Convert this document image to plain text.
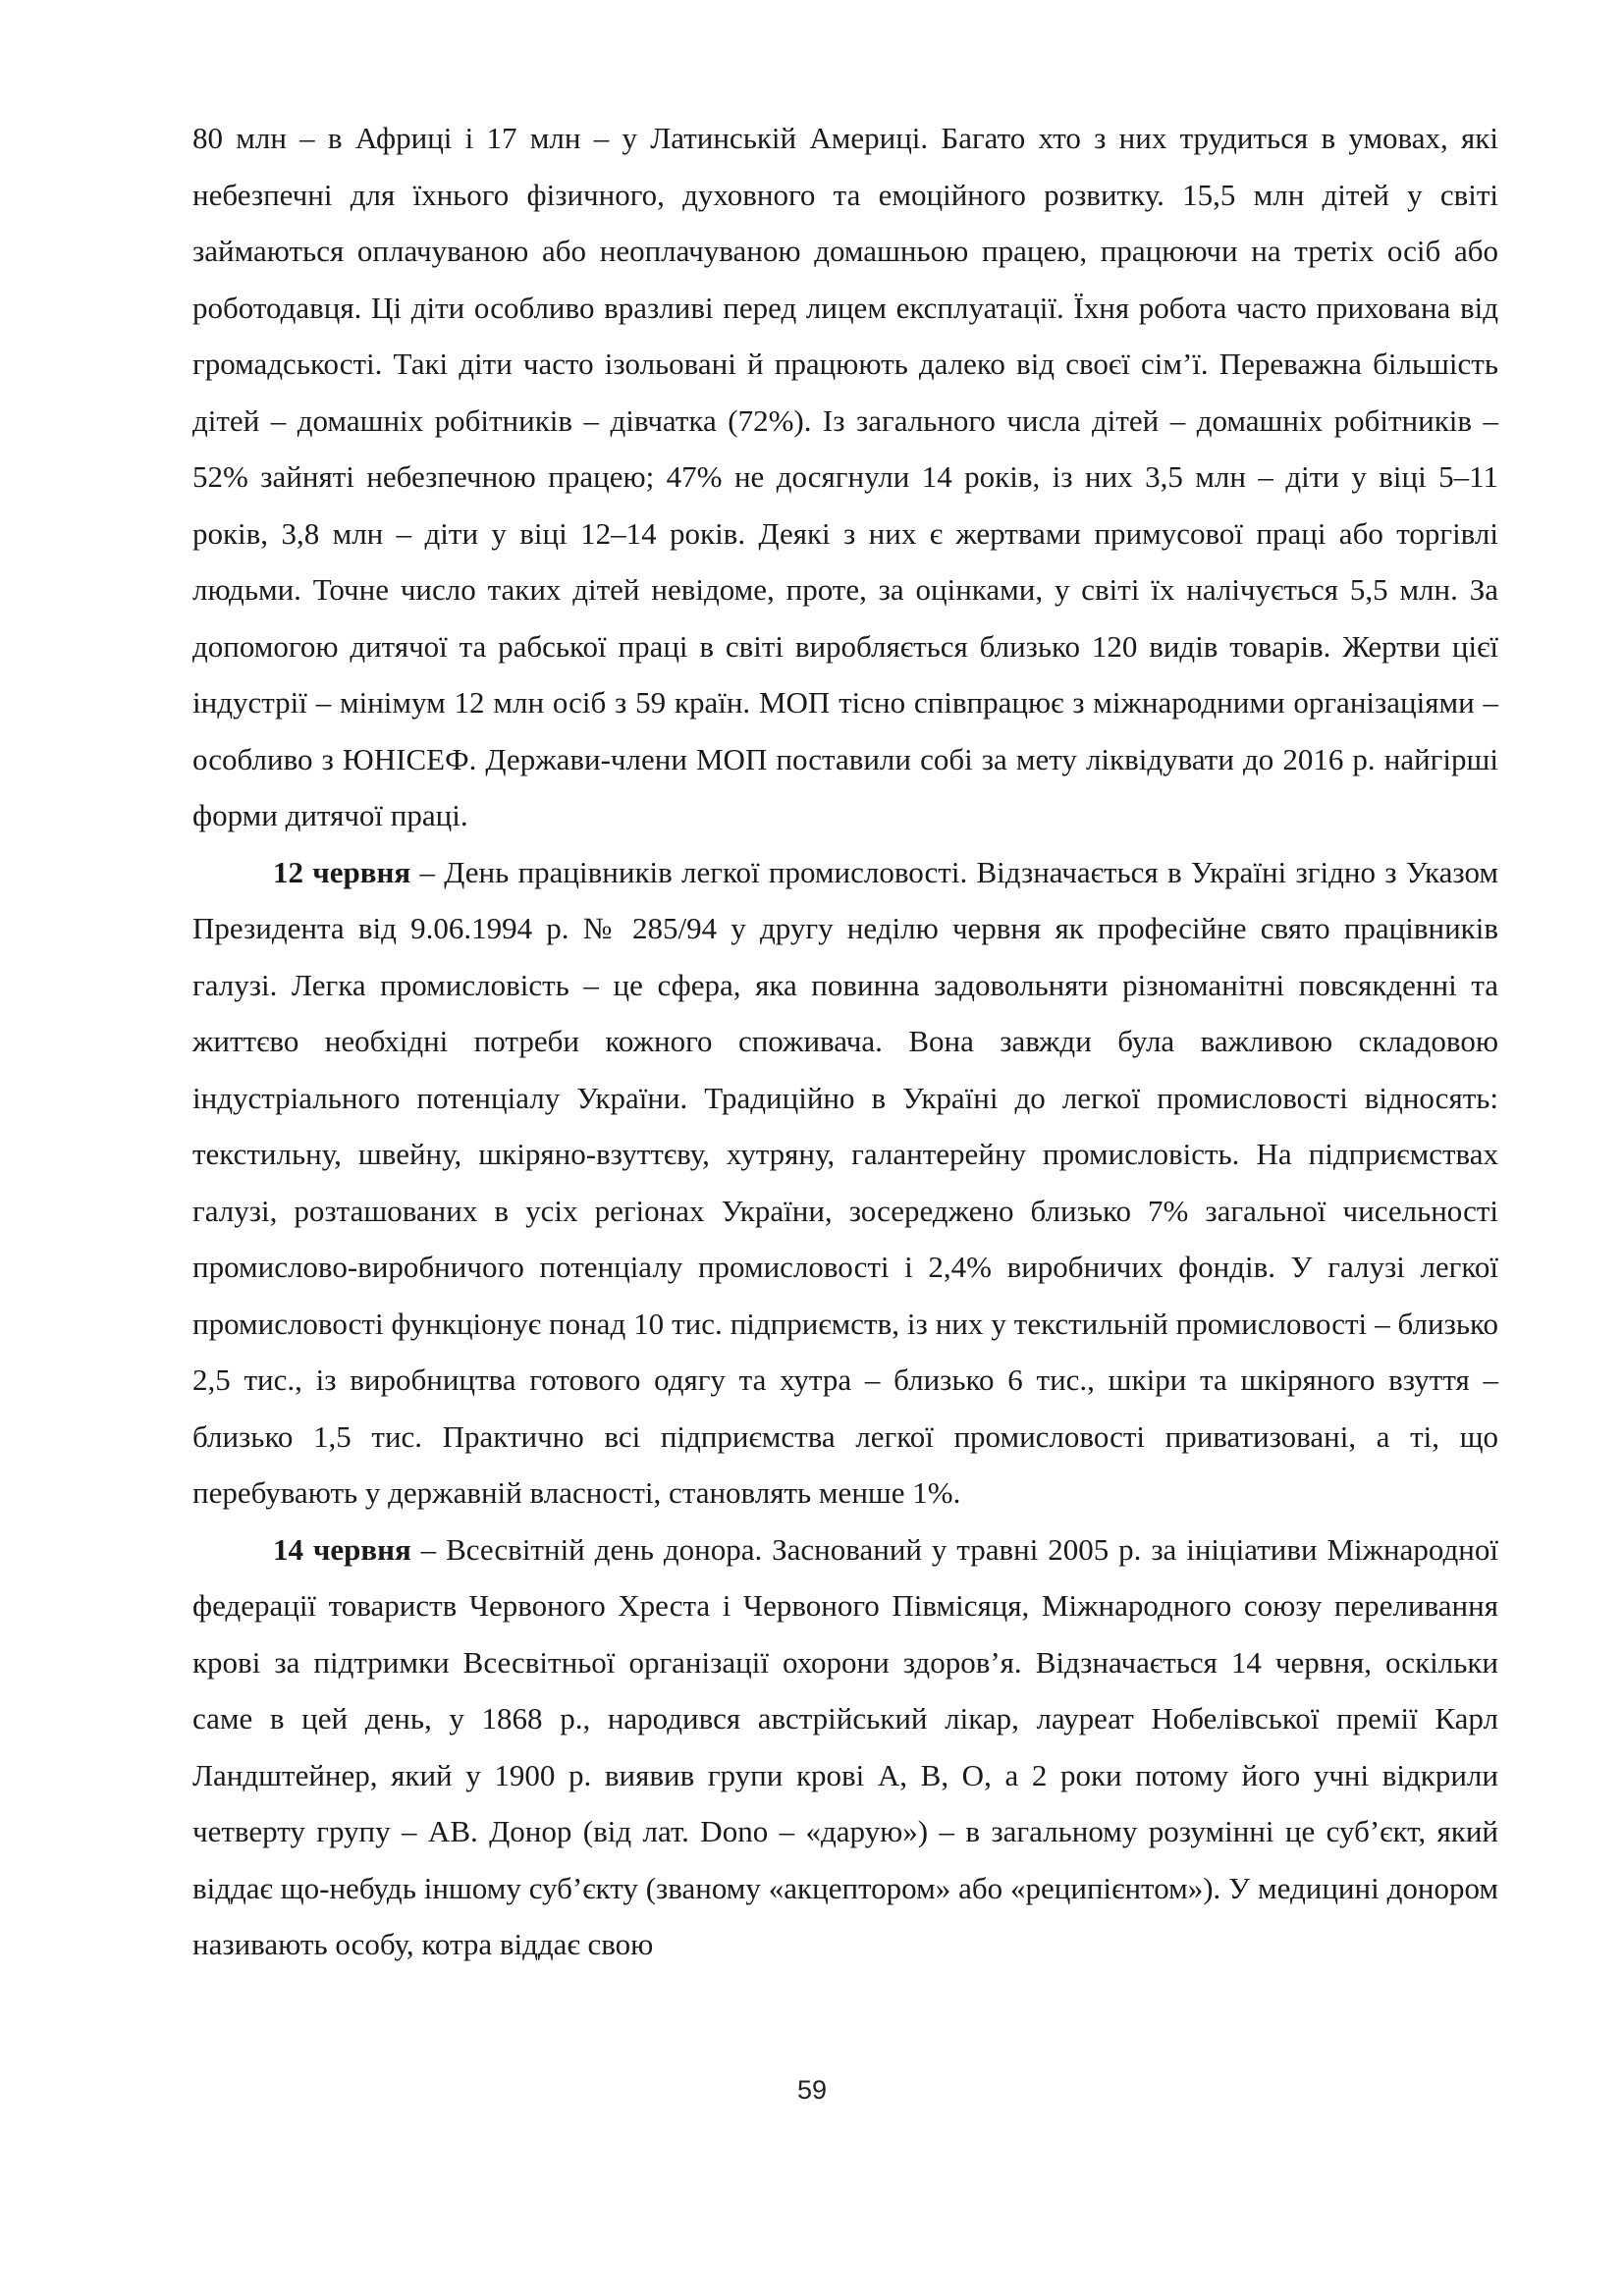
80 млн – в Африці і 17 млн – у Латинській Америці. Багато хто з них трудиться в умовах, які небезпечні для їхнього фізичного, духовного та емоційного розвитку. 15,5 млн дітей у світі займаються оплачуваною або неоплачуваною домашньою працею, працюючи на третіх осіб або роботодавця. Ці діти особливо вразливі перед лицем експлуатації. Їхня робота часто прихована від громадськості. Такі діти часто ізольовані й працюють далеко від своєї сім’ї. Переважна більшість дітей – домашніх робітників – дівчатка (72%). Із загального числа дітей – домашніх робітників – 52% зайняті небезпечною працею; 47% не досягнули 14 років, із них 3,5 млн – діти у віці 5–11 років, 3,8 млн – діти у віці 12–14 років. Деякі з них є жертвами примусової праці або торгівлі людьми. Точне число таких дітей невідоме, проте, за оцінками, у світі їх налічується 5,5 млн. За допомогою дитячої та рабської праці в світі виробляється близько 120 видів товарів. Жертви цієї індустрії – мінімум 12 млн осіб з 59 країн. МОП тісно співпрацює з міжнародними організаціями – особливо з ЮНІСЕФ. Держави-члени МОП поставили собі за мету ліквідувати до 2016 р. найгірші форми дитячої праці.

12 червня – День працівників легкої промисловості. Відзначається в Україні згідно з Указом Президента від 9.06.1994 р. № 285/94 у другу неділю червня як професійне свято працівників галузі. Легка промисловість – це сфера, яка повинна задовольняти різноманітні повсякденні та життєво необхідні потреби кожного споживача. Вона завжди була важливою складовою індустріального потенціалу України. Традиційно в Україні до легкої промисловості відносять: текстильну, швейну, шкіряно-взуттєву, хутряну, галантерейну промисловість. На підприємствах галузі, розташованих в усіх регіонах України, зосереджено близько 7% загальної чисельності промислово-виробничого потенціалу промисловості і 2,4% виробничих фондів. У галузі легкої промисловості функціонує понад 10 тис. підприємств, із них у текстильній промисловості – близько 2,5 тис., із виробництва готового одягу та хутра – близько 6 тис., шкіри та шкіряного взуття – близько 1,5 тис. Практично всі підприємства легкої промисловості приватизовані, а ті, що перебувають у державній власності, становлять менше 1%.

14 червня – Всесвітній день донора. Заснований у травні 2005 р. за ініціативи Міжнародної федерації товариств Червоного Хреста і Червоного Півмісяця, Міжнародного союзу переливання крові за підтримки Всесвітньої організації охорони здоров’я. Відзначається 14 червня, оскільки саме в цей день, у 1868 р., народився австрійський лікар, лауреат Нобелівської премії Карл Ландштейнер, який у 1900 р. виявив групи крові А, В, О, а 2 роки потому його учні відкрили четверту групу – АВ. Донор (від лат. Dono – «дарую») – в загальному розумінні це суб’єкт, який віддає що-небудь іншому суб’єкту (званому «акцептором» або «реципієнтом»). У медицині донором називають особу, котра віддає свою

59
